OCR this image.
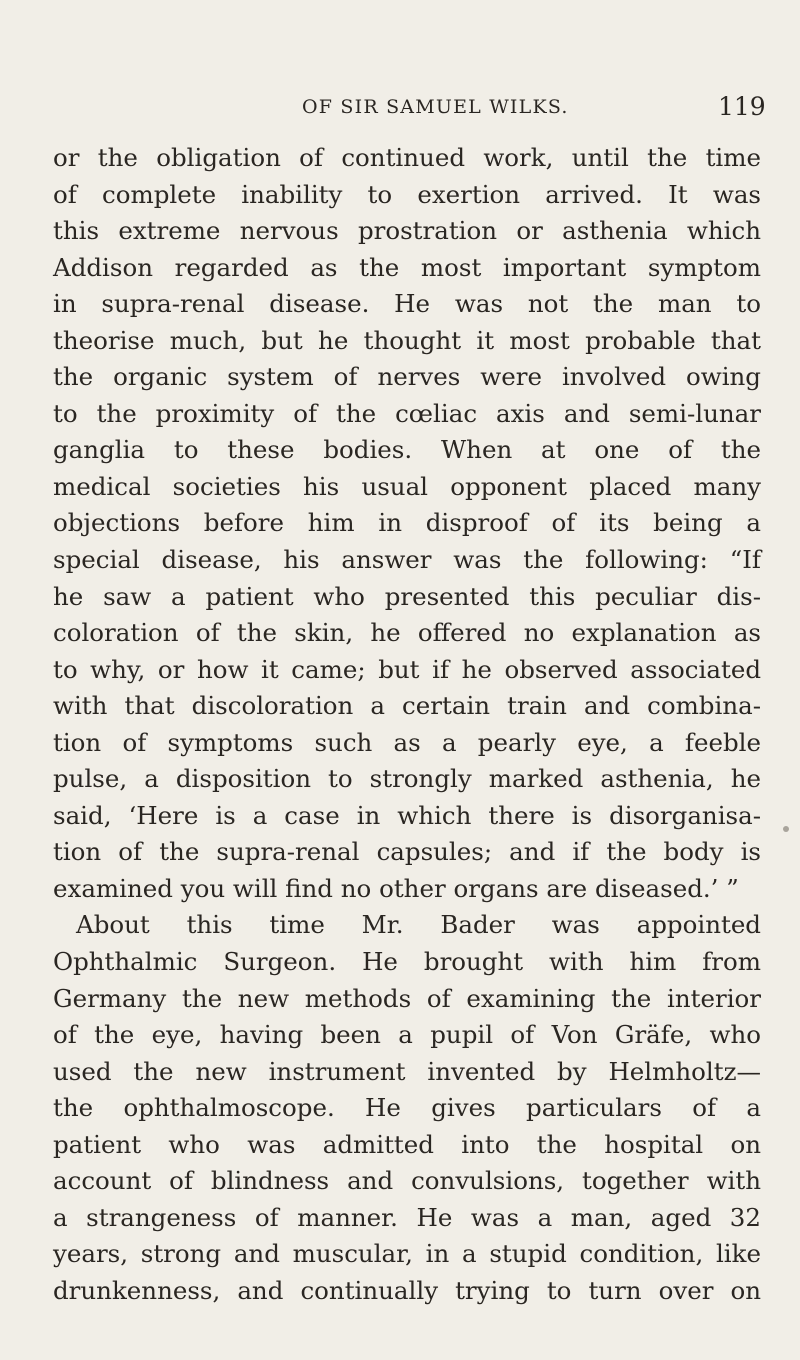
OF SIR SAMUEL WILKS.	119
or the obligation of continued work, until the time
of complete inability to exertion arrived. It was
this extreme nervous prostration or asthenia which
Addison regarded as the most important symptom
in supra-renal disease. He was not the man to
theorise much, but he thought it most probable that
the organic system of nerves were involved owing
to the proximity of the cœliac axis and semi-lunar
ganglia to these bodies. When at one of the
medical societies his usual opponent placed many
objections before him in disproof of its being a
special disease, his answer was the following: “If
he saw a patient who presented this peculiar dis-
coloration of the skin, he offered no explanation as
to why, or how it came; but if he observed associated
with that discoloration a certain train and combina-
tion of symptoms such as a pearly eye, a feeble
pulse, a disposition to strongly marked asthenia, he
said, ‘Here is a case in which there is disorganisa-
tion of the supra-renal capsules; and if the body is
examined you will find no other organs are diseased.’ ”
About this time Mr. Bader was appointed
Ophthalmic Surgeon. He brought with him from
Germany the new methods of examining the interior
of the eye, having been a pupil of Von Gräfe, who
used the new instrument invented by Helmholtz—
the ophthalmoscope. He gives particulars of a
patient who was admitted into the hospital on
account of blindness and convulsions, together with
a strangeness of manner. He was a man, aged 32
years, strong and muscular, in a stupid condition, like
drunkenness, and continually trying to turn over on
